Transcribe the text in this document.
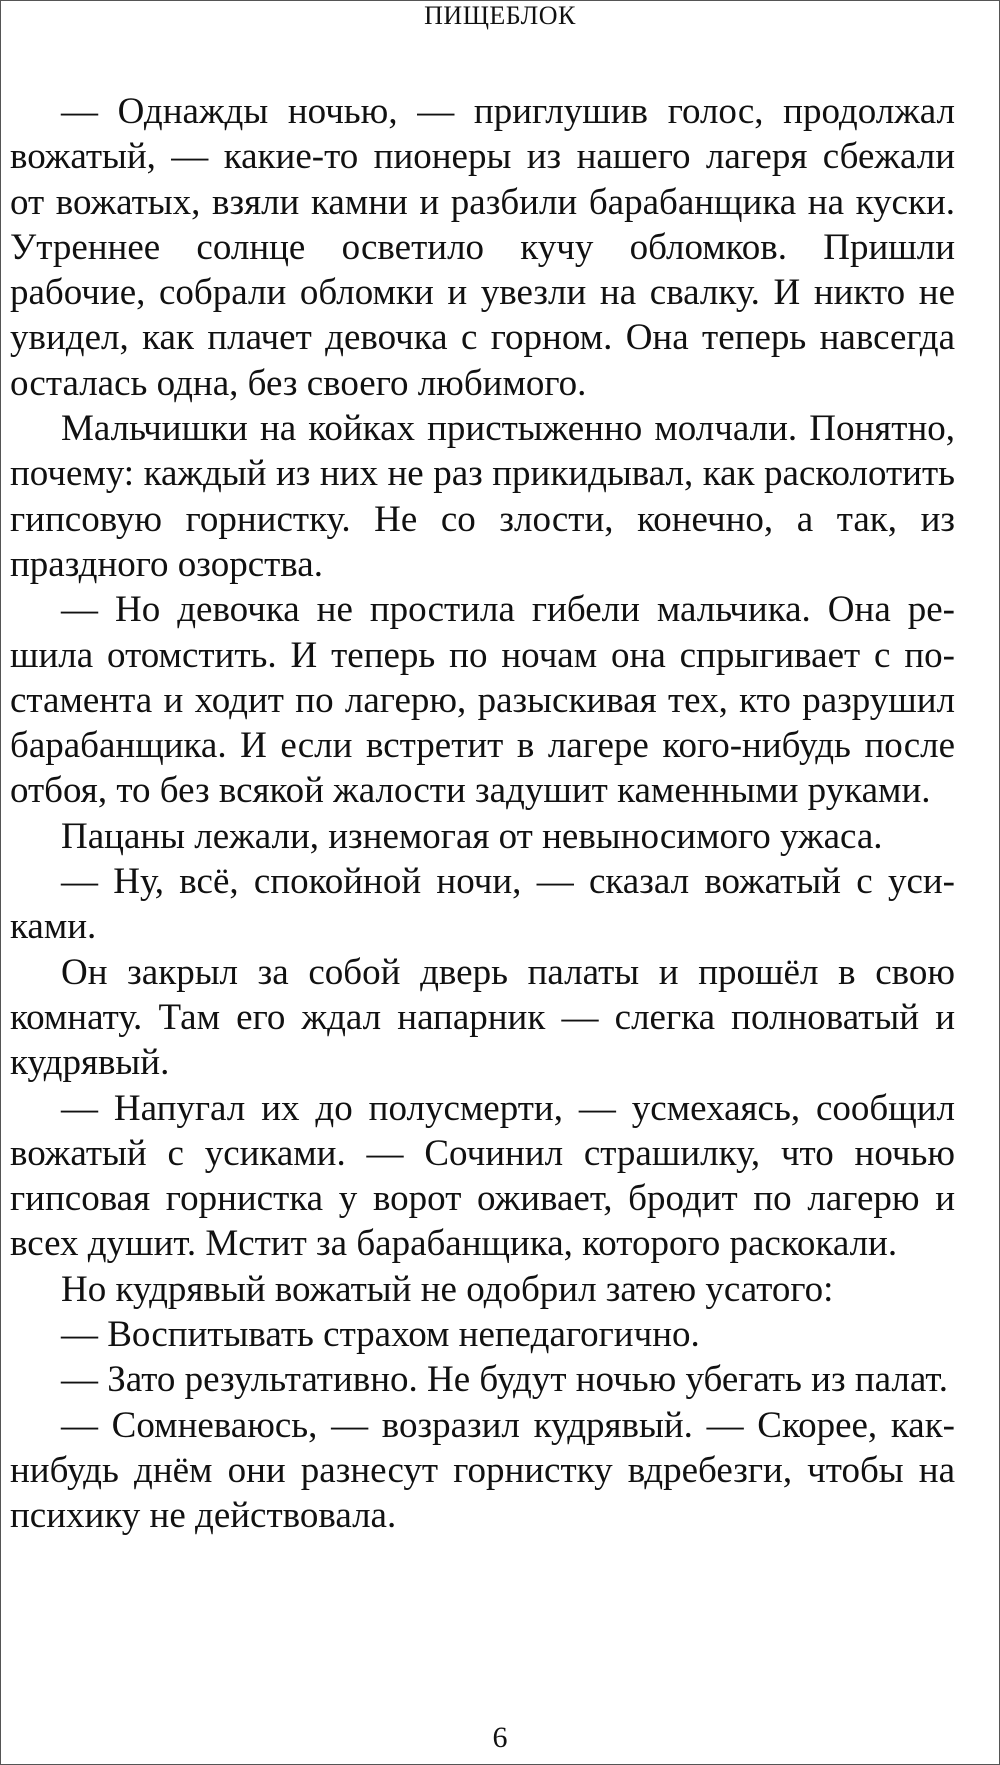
ПИЩЕБЛОК

— Однажды ночью, — приглушив голос, продолжал вожатый, — какие-то пионеры из нашего лагеря сбежали от вожатых, взяли камни и разбили барабанщика на куски. Утреннее солнце осветило кучу обломков. Пришли рабочие, собрали обломки и увезли на свалку. И никто не увидел, как плачет девочка с горном. Она теперь навсегда осталась одна, без своего любимого.

Мальчишки на койках пристыженно молчали. Понятно, почему: каждый из них не раз прикидывал, как расколотить гипсовую горнистку. Не со злости, конечно, а так, из праздного озорства.

— Но девочка не простила гибели мальчика. Она решила отомстить. И теперь по ночам она спрыгивает с постамента и ходит по лагерю, разыскивая тех, кто разрушил барабанщика. И если встретит в лагере кого-нибудь после отбоя, то без всякой жалости задушит каменными руками.

Пацаны лежали, изнемогая от невыносимого ужаса.

— Ну, всё, спокойной ночи, — сказал вожатый с усиками.

Он закрыл за собой дверь палаты и прошёл в свою комнату. Там его ждал напарник — слегка полноватый и кудрявый.

— Напугал их до полусмерти, — усмехаясь, сообщил вожатый с усиками. — Сочинил страшилку, что ночью гипсовая горнистка у ворот оживает, бродит по лагерю и всех душит. Мстит за барабанщика, которого раскокали.

Но кудрявый вожатый не одобрил затею усатого:

— Воспитывать страхом непедагогично.

— Зато результативно. Не будут ночью убегать из палат.

— Сомневаюсь, — возразил кудрявый. — Скорее, как-нибудь днём они разнесут горнистку вдребезги, чтобы на психику не действовала.

6
